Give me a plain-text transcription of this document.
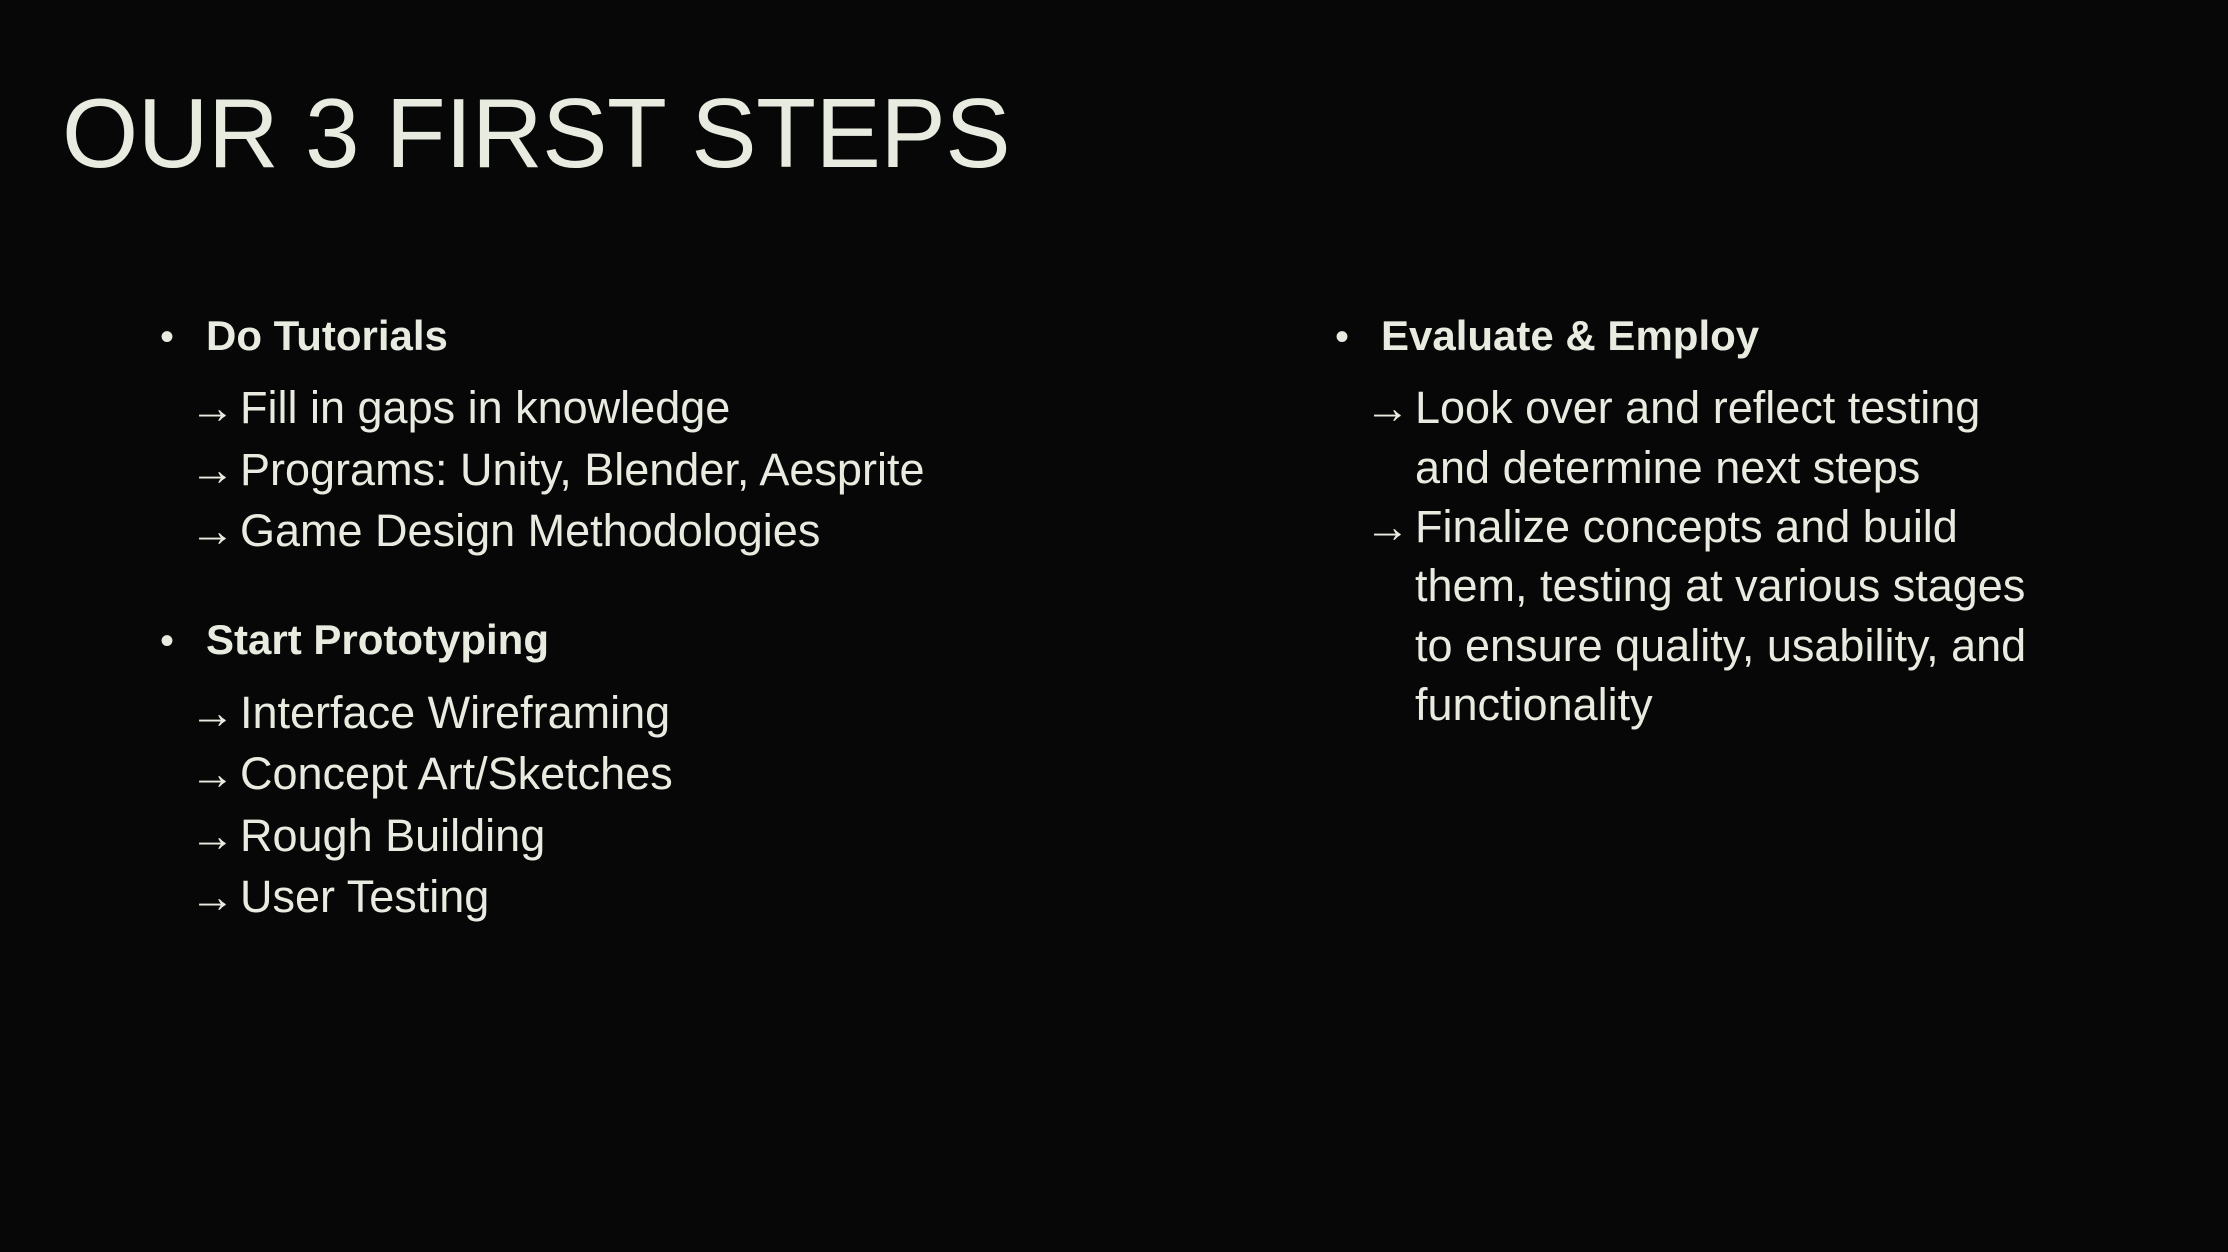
OUR 3 FIRST STEPS
• Do Tutorials
→ Fill in gaps in knowledge
→ Programs: Unity, Blender, Aesprite
→ Game Design Methodologies
• Start Prototyping
→ Interface Wireframing
→ Concept Art/Sketches
→ Rough Building
→ User Testing
• Evaluate & Employ
→ Look over and reflect testing and determine next steps
→ Finalize concepts and build them, testing at various stages to ensure quality, usability, and functionality
